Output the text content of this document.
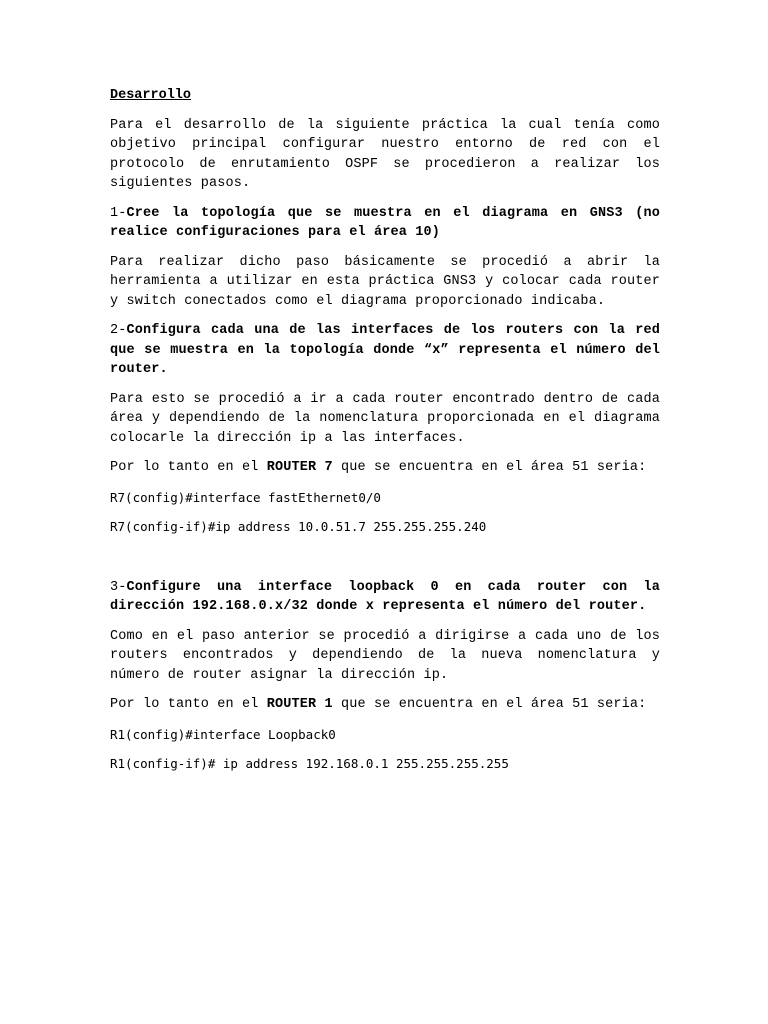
Desarrollo

Para el desarrollo de la siguiente práctica la cual tenía como objetivo principal configurar nuestro entorno de red con el protocolo de enrutamiento OSPF se procedieron a realizar los siguientes pasos.

1-Cree la topología que se muestra en el diagrama en GNS3 (no realice configuraciones para el área 10)

Para realizar dicho paso básicamente se procedió a abrir la herramienta a utilizar en esta práctica GNS3 y colocar cada router y switch conectados como el diagrama proporcionado indicaba.

2-Configura cada una de las interfaces de los routers con la red que se muestra en la topología donde “x” representa el número del router.

Para esto se procedió a ir a cada router encontrado dentro de cada área y dependiendo de la nomenclatura proporcionada en el diagrama colocarle la dirección ip a las interfaces.

Por lo tanto en el ROUTER 7 que se encuentra en el área 51 seria:

R7(config)#interface fastEthernet0/0

R7(config-if)#ip address 10.0.51.7 255.255.255.240

3-Configure una interface loopback 0 en cada router con la dirección 192.168.0.x/32 donde x representa el número del router.

Como en el paso anterior se procedió a dirigirse a cada uno de los routers encontrados y dependiendo de la nueva nomenclatura y número de router asignar la dirección ip.

Por lo tanto en el ROUTER 1 que se encuentra en el área 51 seria:

R1(config)#interface Loopback0

R1(config-if)# ip address 192.168.0.1 255.255.255.255
